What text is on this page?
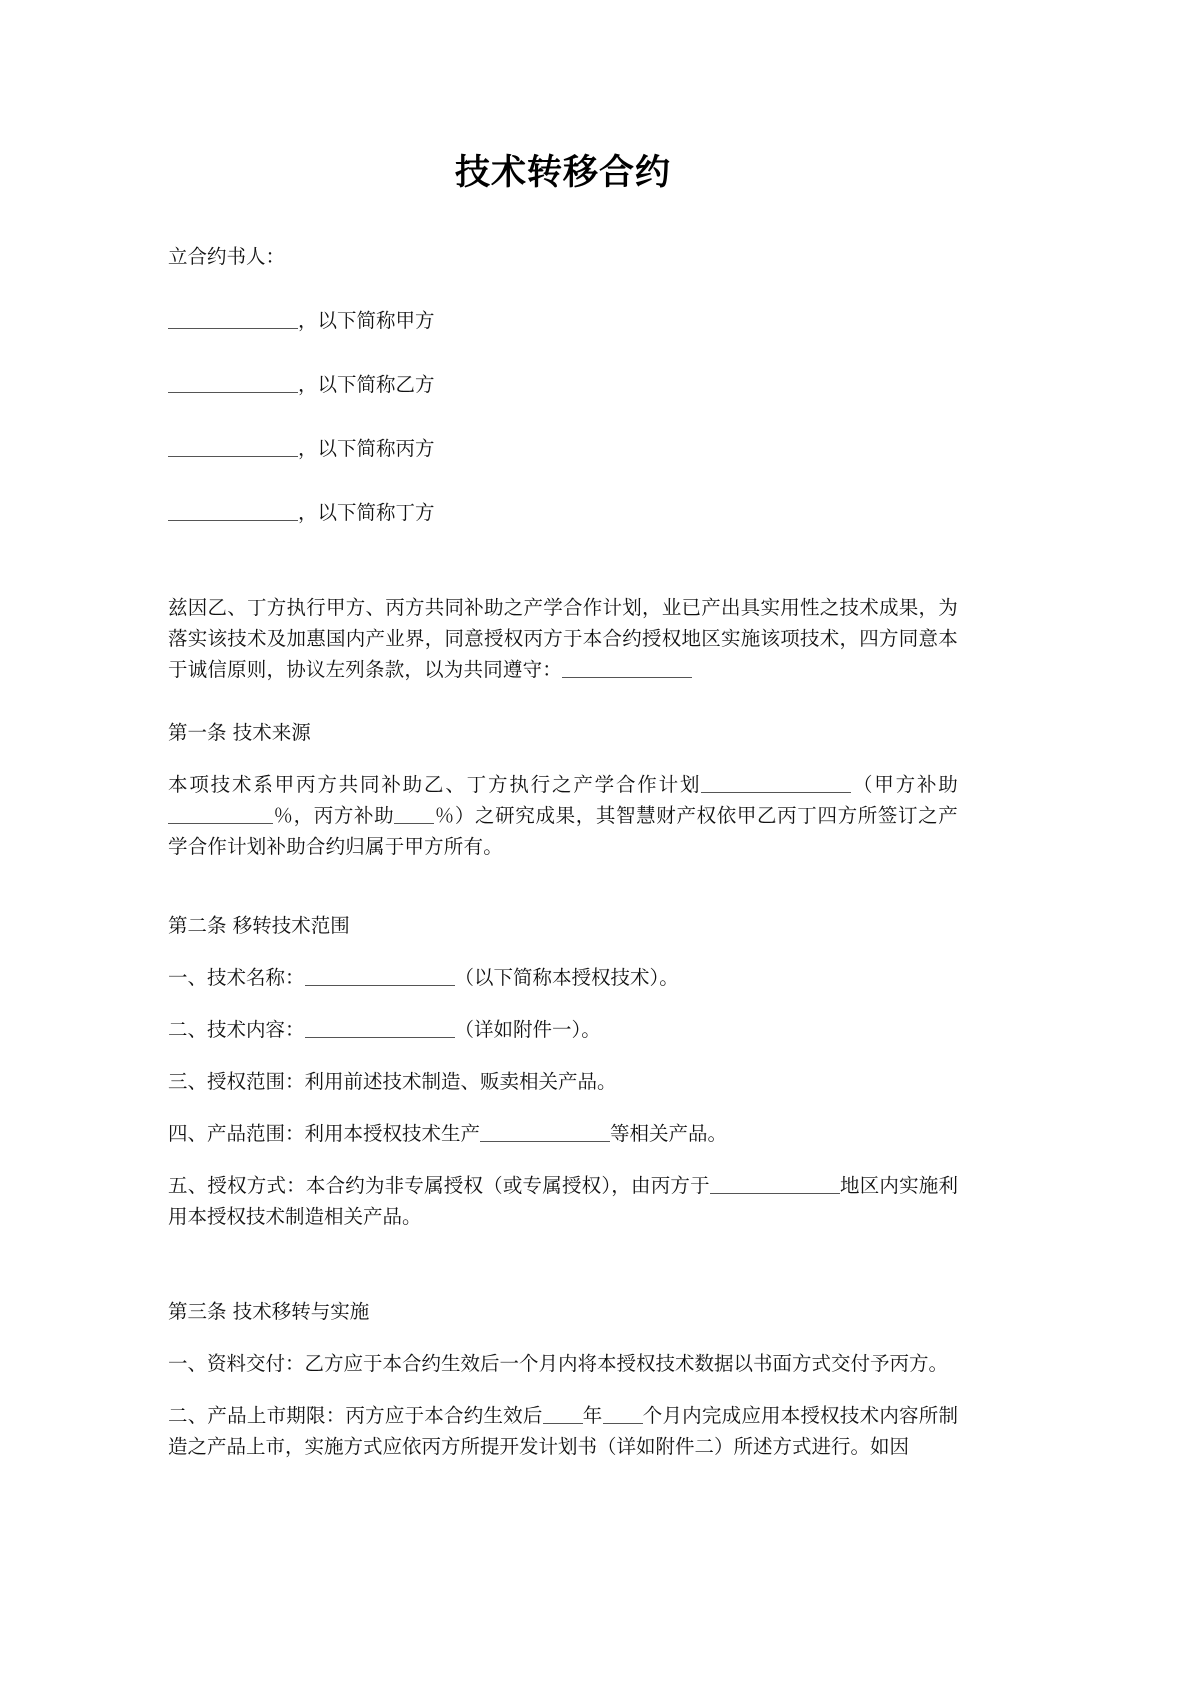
技术转移合约
立合约书人：
，以下简称甲方
，以下简称乙方
，以下简称丙方
，以下简称丁方

兹因乙、丁方执行甲方、丙方共同补助之产学合作计划，业已产出具实用性之技术成果，为落实该技术及加惠国内产业界，同意授权丙方于本合约授权地区实施该项技术，四方同意本于诚信原则，协议左列条款，以为共同遵守：

第一条 技术来源

本项技术系甲丙方共同补助乙、丁方执行之产学合作计划	（甲方补助％，丙方补助 ％）之研究成果，其智慧财产权依甲乙丙丁四方所签订之产学合作计划补助合约归属于甲方所有。

第二条 移转技术范围

一、技术名称：	（以下简称本授权技术）。

二、技术内容：	（详如附件一）。

三、授权范围：利用前述技术制造、贩卖相关产品。

四、产品范围：利用本授权技术生产	等相关产品。

五、授权方式：本合约为非专属授权（或专属授权），由丙方于	地区内实施利用本授权技术制造相关产品。

第三条 技术移转与实施

一、资料交付：乙方应于本合约生效后一个月内将本授权技术数据以书面方式交付予丙方。

二、产品上市期限：丙方应于本合约生效后 年 个月内完成应用本授权技术内容所制造之产品上市，实施方式应依丙方所提开发计划书（详如附件二）所述方式进行。如因
